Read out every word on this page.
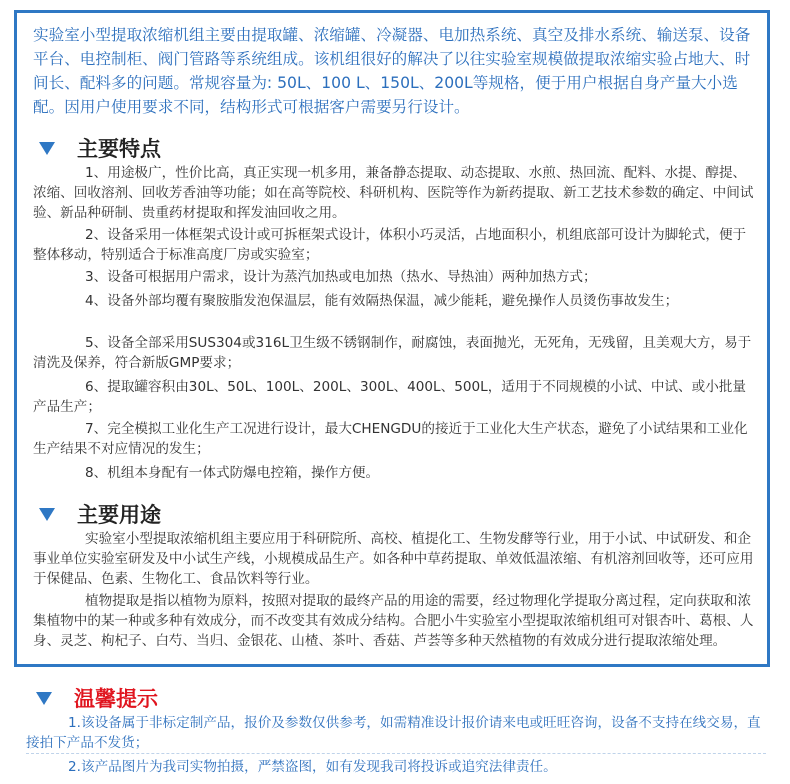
实验室小型提取浓缩机组主要由提取罐、浓缩罐、冷凝器、电加热系统、真空及排水系统、输送泵、设备平台、电控制柜、阀门管路等系统组成。该机组很好的解决了以往实验室规模做提取浓缩实验占地大、时间长、配料多的问题。常规容量为: 50L、100 L、150L、200L等规格，便于用户根据自身产量大小选配。因用户使用要求不同，结构形式可根据客户需要另行设计。

主要特点

1、用途极广，性价比高，真正实现一机多用，兼备静态提取、动态提取、水煎、热回流、配料、水提、醇提、浓缩、回收溶剂、回收芳香油等功能；如在高等院校、科研机构、医院等作为新药提取、新工艺技术参数的确定、中间试验、新品种研制、贵重药材提取和挥发油回收之用。

2、设备采用一体框架式设计或可拆框架式设计，体积小巧灵活，占地面积小，机组底部可设计为脚轮式，便于整体移动，特别适合于标准高度厂房或实验室；

3、设备可根据用户需求，设计为蒸汽加热或电加热（热水、导热油）两种加热方式；

4、设备外部均覆有聚胺脂发泡保温层，能有效隔热保温，减少能耗，避免操作人员烫伤事故发生；

5、设备全部采用SUS304或316L卫生级不锈钢制作，耐腐蚀，表面抛光，无死角，无残留，且美观大方，易于清洗及保养，符合新版GMP要求；

6、提取罐容积由30L、50L、100L、200L、300L、400L、500L，适用于不同规模的小试、中试、或小批量产品生产；

7、完全模拟工业化生产工况进行设计，最大CHENGDU的接近于工业化大生产状态，避免了小试结果和工业化生产结果不对应情况的发生；

8、机组本身配有一体式防爆电控箱，操作方便。

主要用途

实验室小型提取浓缩机组主要应用于科研院所、高校、植提化工、生物发酵等行业，用于小试、中试研发、和企事业单位实验室研发及中小试生产线，小规模成品生产。如各种中草药提取、单效低温浓缩、有机溶剂回收等，还可应用于保健品、色素、生物化工、食品饮料等行业。

植物提取是指以植物为原料，按照对提取的最终产品的用途的需要，经过物理化学提取分离过程，定向获取和浓集植物中的某一种或多种有效成分，而不改变其有效成分结构。合肥小牛实验室小型提取浓缩机组可对银杏叶、葛根、人身、灵芝、枸杞子、白芍、当归、金银花、山楂、茶叶、香菇、芦荟等多种天然植物的有效成分进行提取浓缩处理。

温馨提示

1.该设备属于非标定制产品，报价及参数仅供参考，如需精准设计报价请来电或旺旺咨询，设备不支持在线交易，直接拍下产品不发货；

2.该产品图片为我司实物拍摄，严禁盗图，如有发现我司将投诉或追究法律责任。
